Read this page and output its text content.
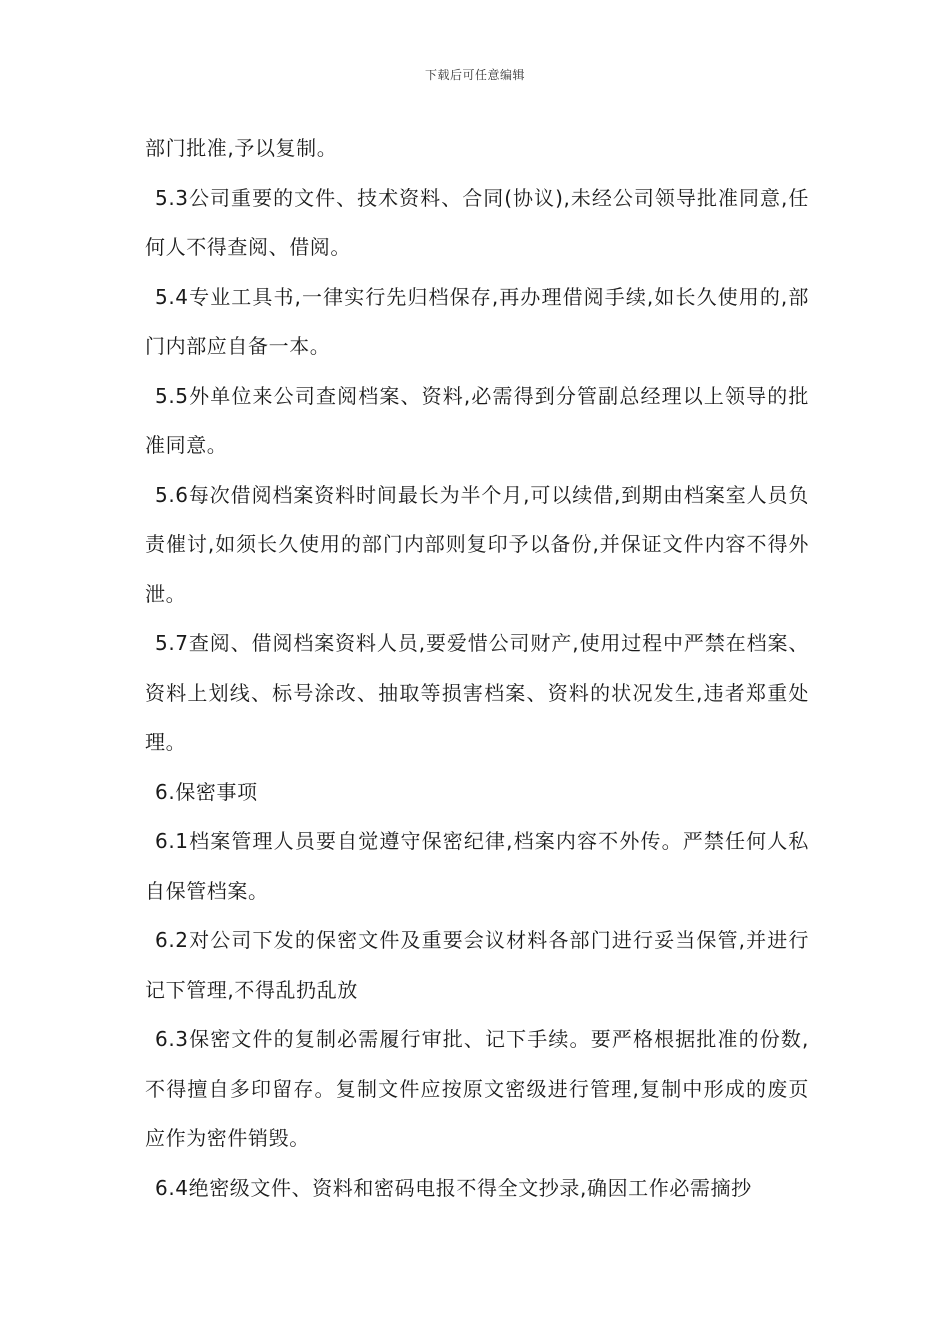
下载后可任意编辑

部门批准,予以复制。

5.3公司重要的文件、技术资料、合同(协议),未经公司领导批准同意,任何人不得查阅、借阅。

5.4专业工具书,一律实行先归档保存,再办理借阅手续,如长久使用的,部门内部应自备一本。

5.5外单位来公司查阅档案、资料,必需得到分管副总经理以上领导的批准同意。

5.6每次借阅档案资料时间最长为半个月,可以续借,到期由档案室人员负责催讨,如须长久使用的部门内部则复印予以备份,并保证文件内容不得外泄。

5.7查阅、借阅档案资料人员,要爱惜公司财产,使用过程中严禁在档案、资料上划线、标号涂改、抽取等损害档案、资料的状况发生,违者郑重处理。

6.保密事项

6.1档案管理人员要自觉遵守保密纪律,档案内容不外传。严禁任何人私自保管档案。

6.2对公司下发的保密文件及重要会议材料各部门进行妥当保管,并进行记下管理,不得乱扔乱放

6.3保密文件的复制必需履行审批、记下手续。要严格根据批准的份数,不得擅自多印留存。复制文件应按原文密级进行管理,复制中形成的废页应作为密件销毁。

6.4绝密级文件、资料和密码电报不得全文抄录,确因工作必需摘抄
